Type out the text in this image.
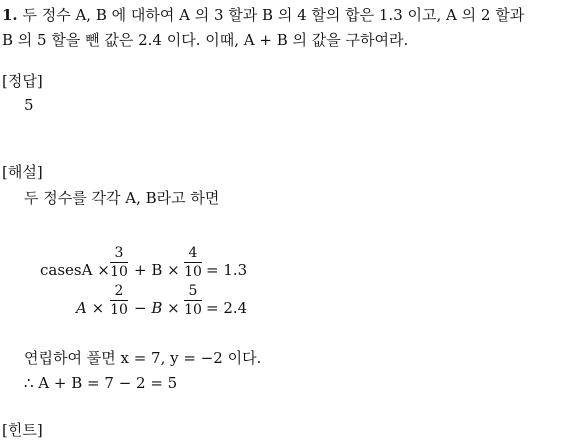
1. 두 정수 A, B 에 대하여 A 의 3 할과 B 의 4 할의 합은 1.3 이고, A 의 2 할과
B 의 5 할을 뺀 값은 2.4 이다. 이때, A + B 의 값을 구하여라.
[정답]
5
[해설]
두 정수를 각각 A, B라고 하면
casesA ×
3
10 + B ×
4
10 = 1.3
A ×
2
10 − B ×
5
10 = 2.4
연립하여 풀면 x = 7, y = −2 이다.
∴ A + B = 7 − 2 = 5
[힌트]
